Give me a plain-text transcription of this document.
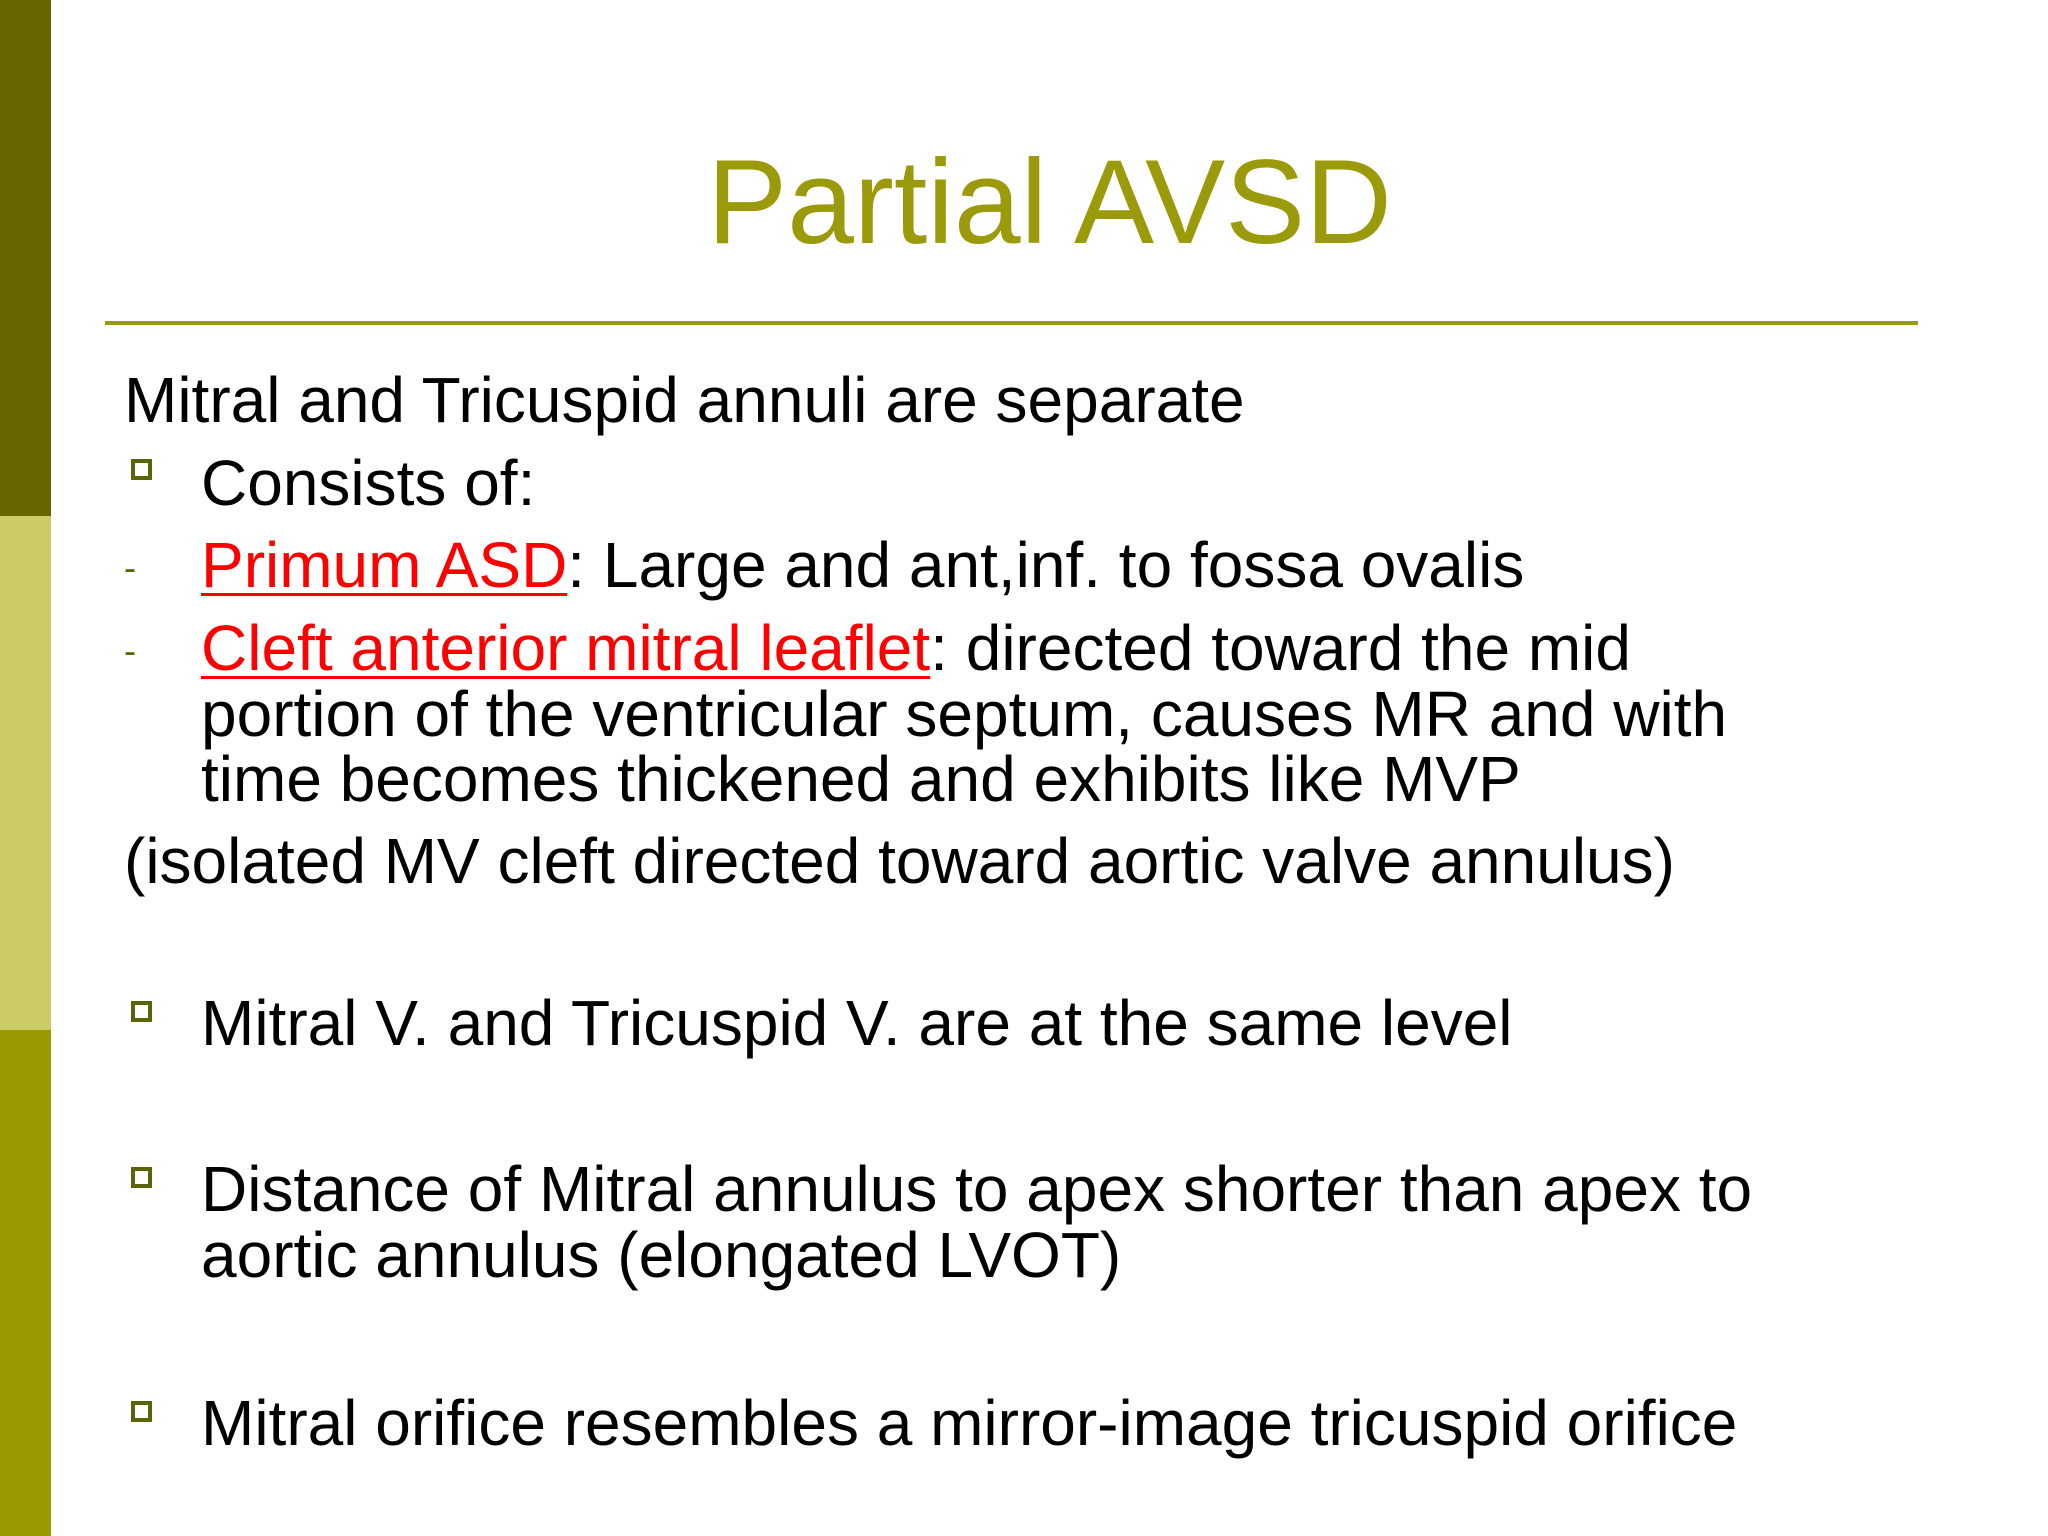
Partial AVSD
Mitral and Tricuspid annuli are separate
Consists of:
- Primum ASD: Large and ant,inf. to fossa ovalis
- Cleft anterior mitral leaflet: directed toward the mid
portion of the ventricular septum, causes MR and with
time becomes thickened and exhibits like MVP
(isolated MV cleft directed toward aortic valve annulus)
Mitral V. and Tricuspid V. are at the same level
Distance of Mitral annulus to apex shorter than apex to
aortic annulus (elongated LVOT)
Mitral orifice resembles a mirror-image tricuspid orifice
